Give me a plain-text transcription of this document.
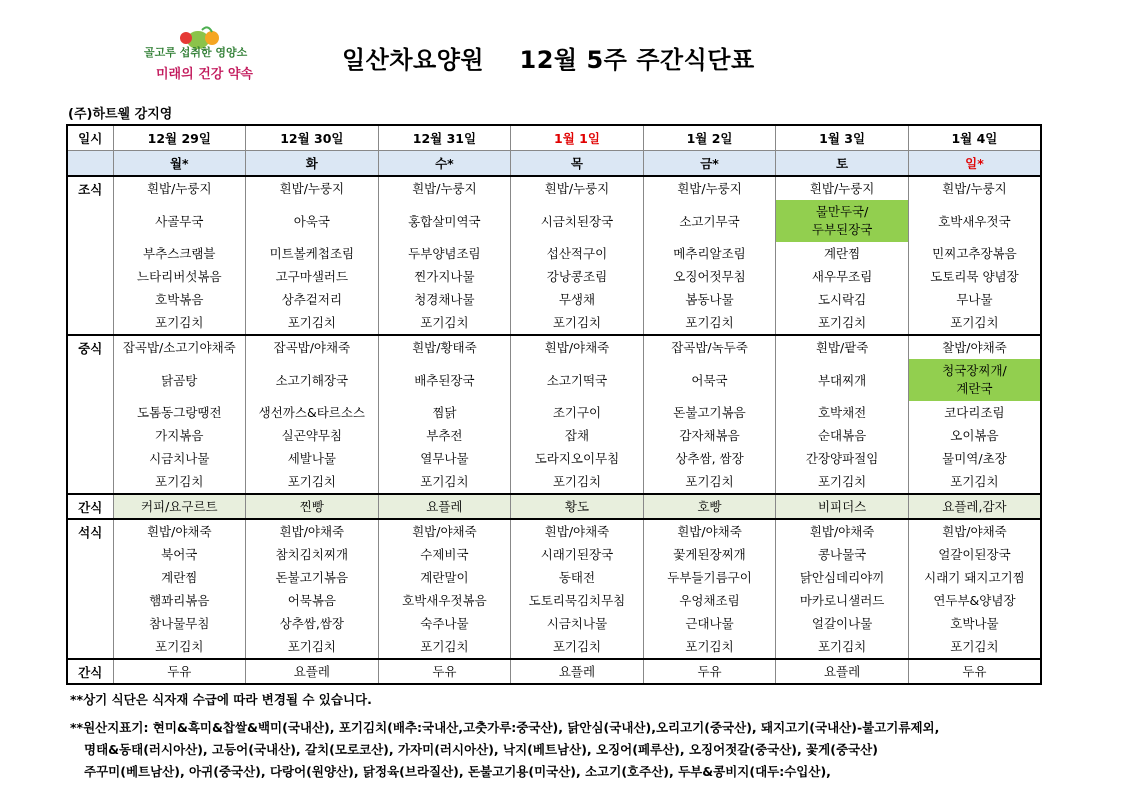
골고루 섭취한 영양소
미래의 건강 약속
일산차요양원    12월 5주 주간식단표
(주)하트웰 강지영
일시	12월 29일	12월 30일	12월 31일	1월 1일	1월 2일	1월 3일	1월 4일
	월*	화	수*	목	금*	토	일*
조식	흰밥/누룽지	흰밥/누룽지	흰밥/누룽지	흰밥/누룽지	흰밥/누룽지	흰밥/누룽지	흰밥/누룽지

	사골무국	아욱국	홍합살미역국	시금치된장국	소고기무국	물만두국/
두부된장국	호박새우젓국

	부추스크램블	미트볼케첩조림	두부양념조림	섭산적구이	메추리알조림	계란찜	민찌고추장볶음

	느타리버섯볶음	고구마샐러드	찐가지나물	강낭콩조림	오징어젓무침	새우무조림	도토리묵 양념장

	호박볶음	상추겉저리	청경채나물	무생채	봄동나물	도시락김	무나물

	포기김치	포기김치	포기김치	포기김치	포기김치	포기김치	포기김치

중식	잡곡밥/소고기야채죽	잡곡밥/야채죽	흰밥/황태죽	흰밥/야채죽	잡곡밥/녹두죽	흰밥/팥죽	찰밥/야채죽

	닭곰탕	소고기해장국	배추된장국	소고기떡국	어묵국	부대찌개	청국장찌개/
계란국

	도톰동그랑땡전	생선까스&타르소스	찜닭	조기구이	돈불고기볶음	호박채전	코다리조림

	가지볶음	실곤약무침	부추전	잡채	감자채볶음	순대볶음	오이볶음

	시금치나물	세발나물	열무나물	도라지오이무침	상추쌈, 쌈장	간장양파절임	물미역/초장

	포기김치	포기김치	포기김치	포기김치	포기김치	포기김치	포기김치

간식	커피/요구르트	찐빵	요플레	황도	호빵	비피더스	요플레,감자

석식	흰밥/야채죽	흰밥/야채죽	흰밥/야채죽	흰밥/야채죽	흰밥/야채죽	흰밥/야채죽	흰밥/야채죽

	북어국	참치김치찌개	수제비국	시래기된장국	꽃게된장찌개	콩나물국	얼갈이된장국

	계란찜	돈불고기볶음	계란말이	동태전	두부들기름구이	닭안심데리야끼	시래기 돼지고기찜

	햄꽈리볶음	어묵볶음	호박새우젓볶음	도토리묵김치무침	우엉채조림	마카로니샐러드	연두부&양념장

	참나물무침	상추쌈,쌈장	숙주나물	시금치나물	근대나물	얼갈이나물	호박나물

	포기김치	포기김치	포기김치	포기김치	포기김치	포기김치	포기김치

간식	두유	요플레	두유	요플레	두유	요플레	두유
**상기 식단은 식자재 수급에 따라 변경될 수 있습니다.
**원산지표기: 현미&흑미&찹쌀&백미(국내산), 포기김치(배추:국내산,고춧가루:중국산), 닭안심(국내산),오리고기(중국산), 돼지고기(국내산)-불고기류제외,
명태&동태(러시아산), 고등어(국내산), 갈치(모로코산), 가자미(러시아산), 낙지(베트남산), 오징어(페루산), 오징어젓갈(중국산), 꽃게(중국산)
주꾸미(베트남산), 아귀(중국산), 다랑어(원양산), 닭정육(브라질산), 돈불고기용(미국산), 소고기(호주산), 두부&콩비지(대두:수입산),
